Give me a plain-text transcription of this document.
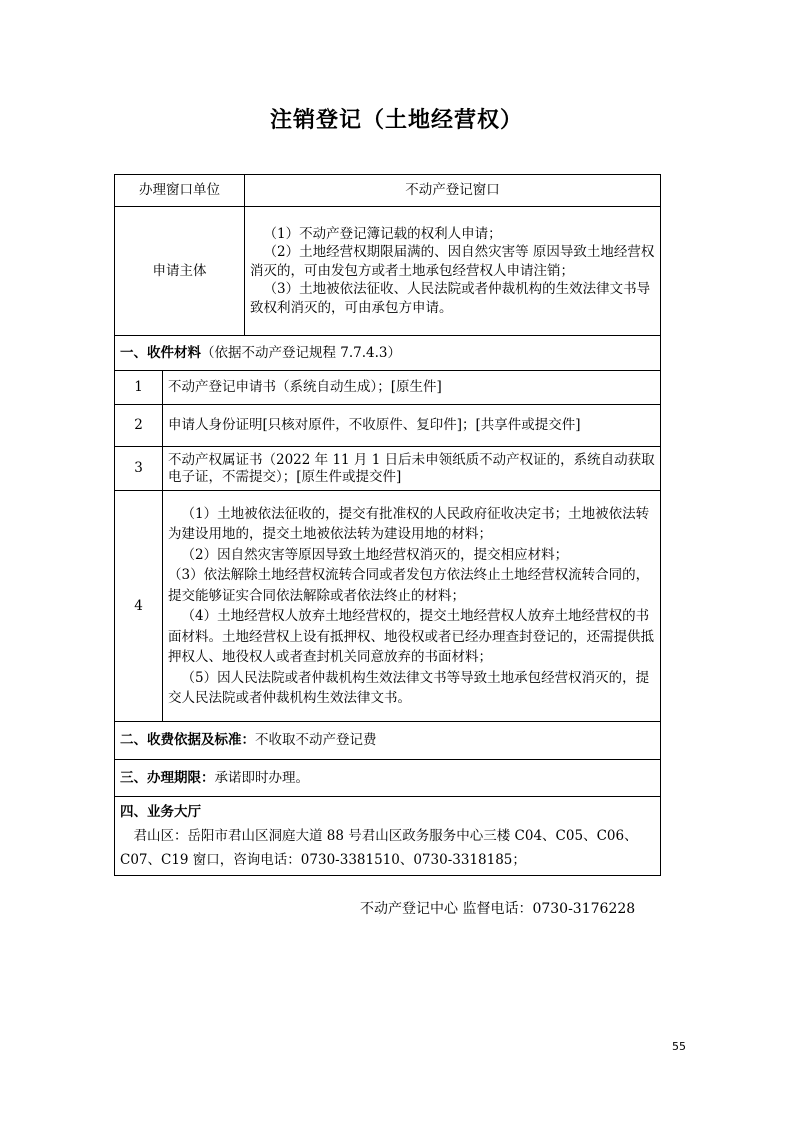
注销登记（土地经营权）
办理窗口单位		不动产登记窗口
申请主体		（1）不动产登记簿记载的权利人申请；
（2）土地经营权期限届满的、因自然灾害等 原因导致土地经营权消灭的，可由发包方或者土地承包经营权人申请注销；
（3）土地被依法征收、人民法院或者仲裁机构的生效法律文书导致权利消灭的，可由承包方申请。

一、收件材料（依据不动产登记规程 7.7.4.3）		
1	不动产登记申请书（系统自动生成）；[原生件]	
2	申请人身份证明[只核对原件，不收原件、复印件]；[共享件或提交件]	
3	不动产权属证书（2022 年 11 月 1 日后未申领纸质不动产权证的，系统自动获取电子证，不需提交）；[原生件或提交件]	
4	（1）土地被依法征收的，提交有批准权的人民政府征收决定书；土地被依法转为建设用地的，提交土地被依法转为建设用地的材料；
（2）因自然灾害等原因导致土地经营权消灭的，提交相应材料；
（3）依法解除土地经营权流转合同或者发包方依法终止土地经营权流转合同的，提交能够证实合同依法解除或者依法终止的材料；
（4）土地经营权人放弃土地经营权的，提交土地经营权人放弃土地经营权的书面材料。土地经营权上设有抵押权、地役权或者已经办理查封登记的，还需提供抵押权人、地役权人或者查封机关同意放弃的书面材料；
（5）因人民法院或者仲裁机构生效法律文书等导致土地承包经营权消灭的，提交人民法院或者仲裁机构生效法律文书。	

二、收费依据及标准：不收取不动产登记费		
三、办理期限：承诺即时办理。		

四、业务大厅
君山区：岳阳市君山区洞庭大道 88 号君山区政务服务中心三楼 C04、C05、C06、C07、C19 窗口，咨询电话：0730-3381510、0730-3318185；		
不动产登记中心 监督电话：0730-3176228
55
